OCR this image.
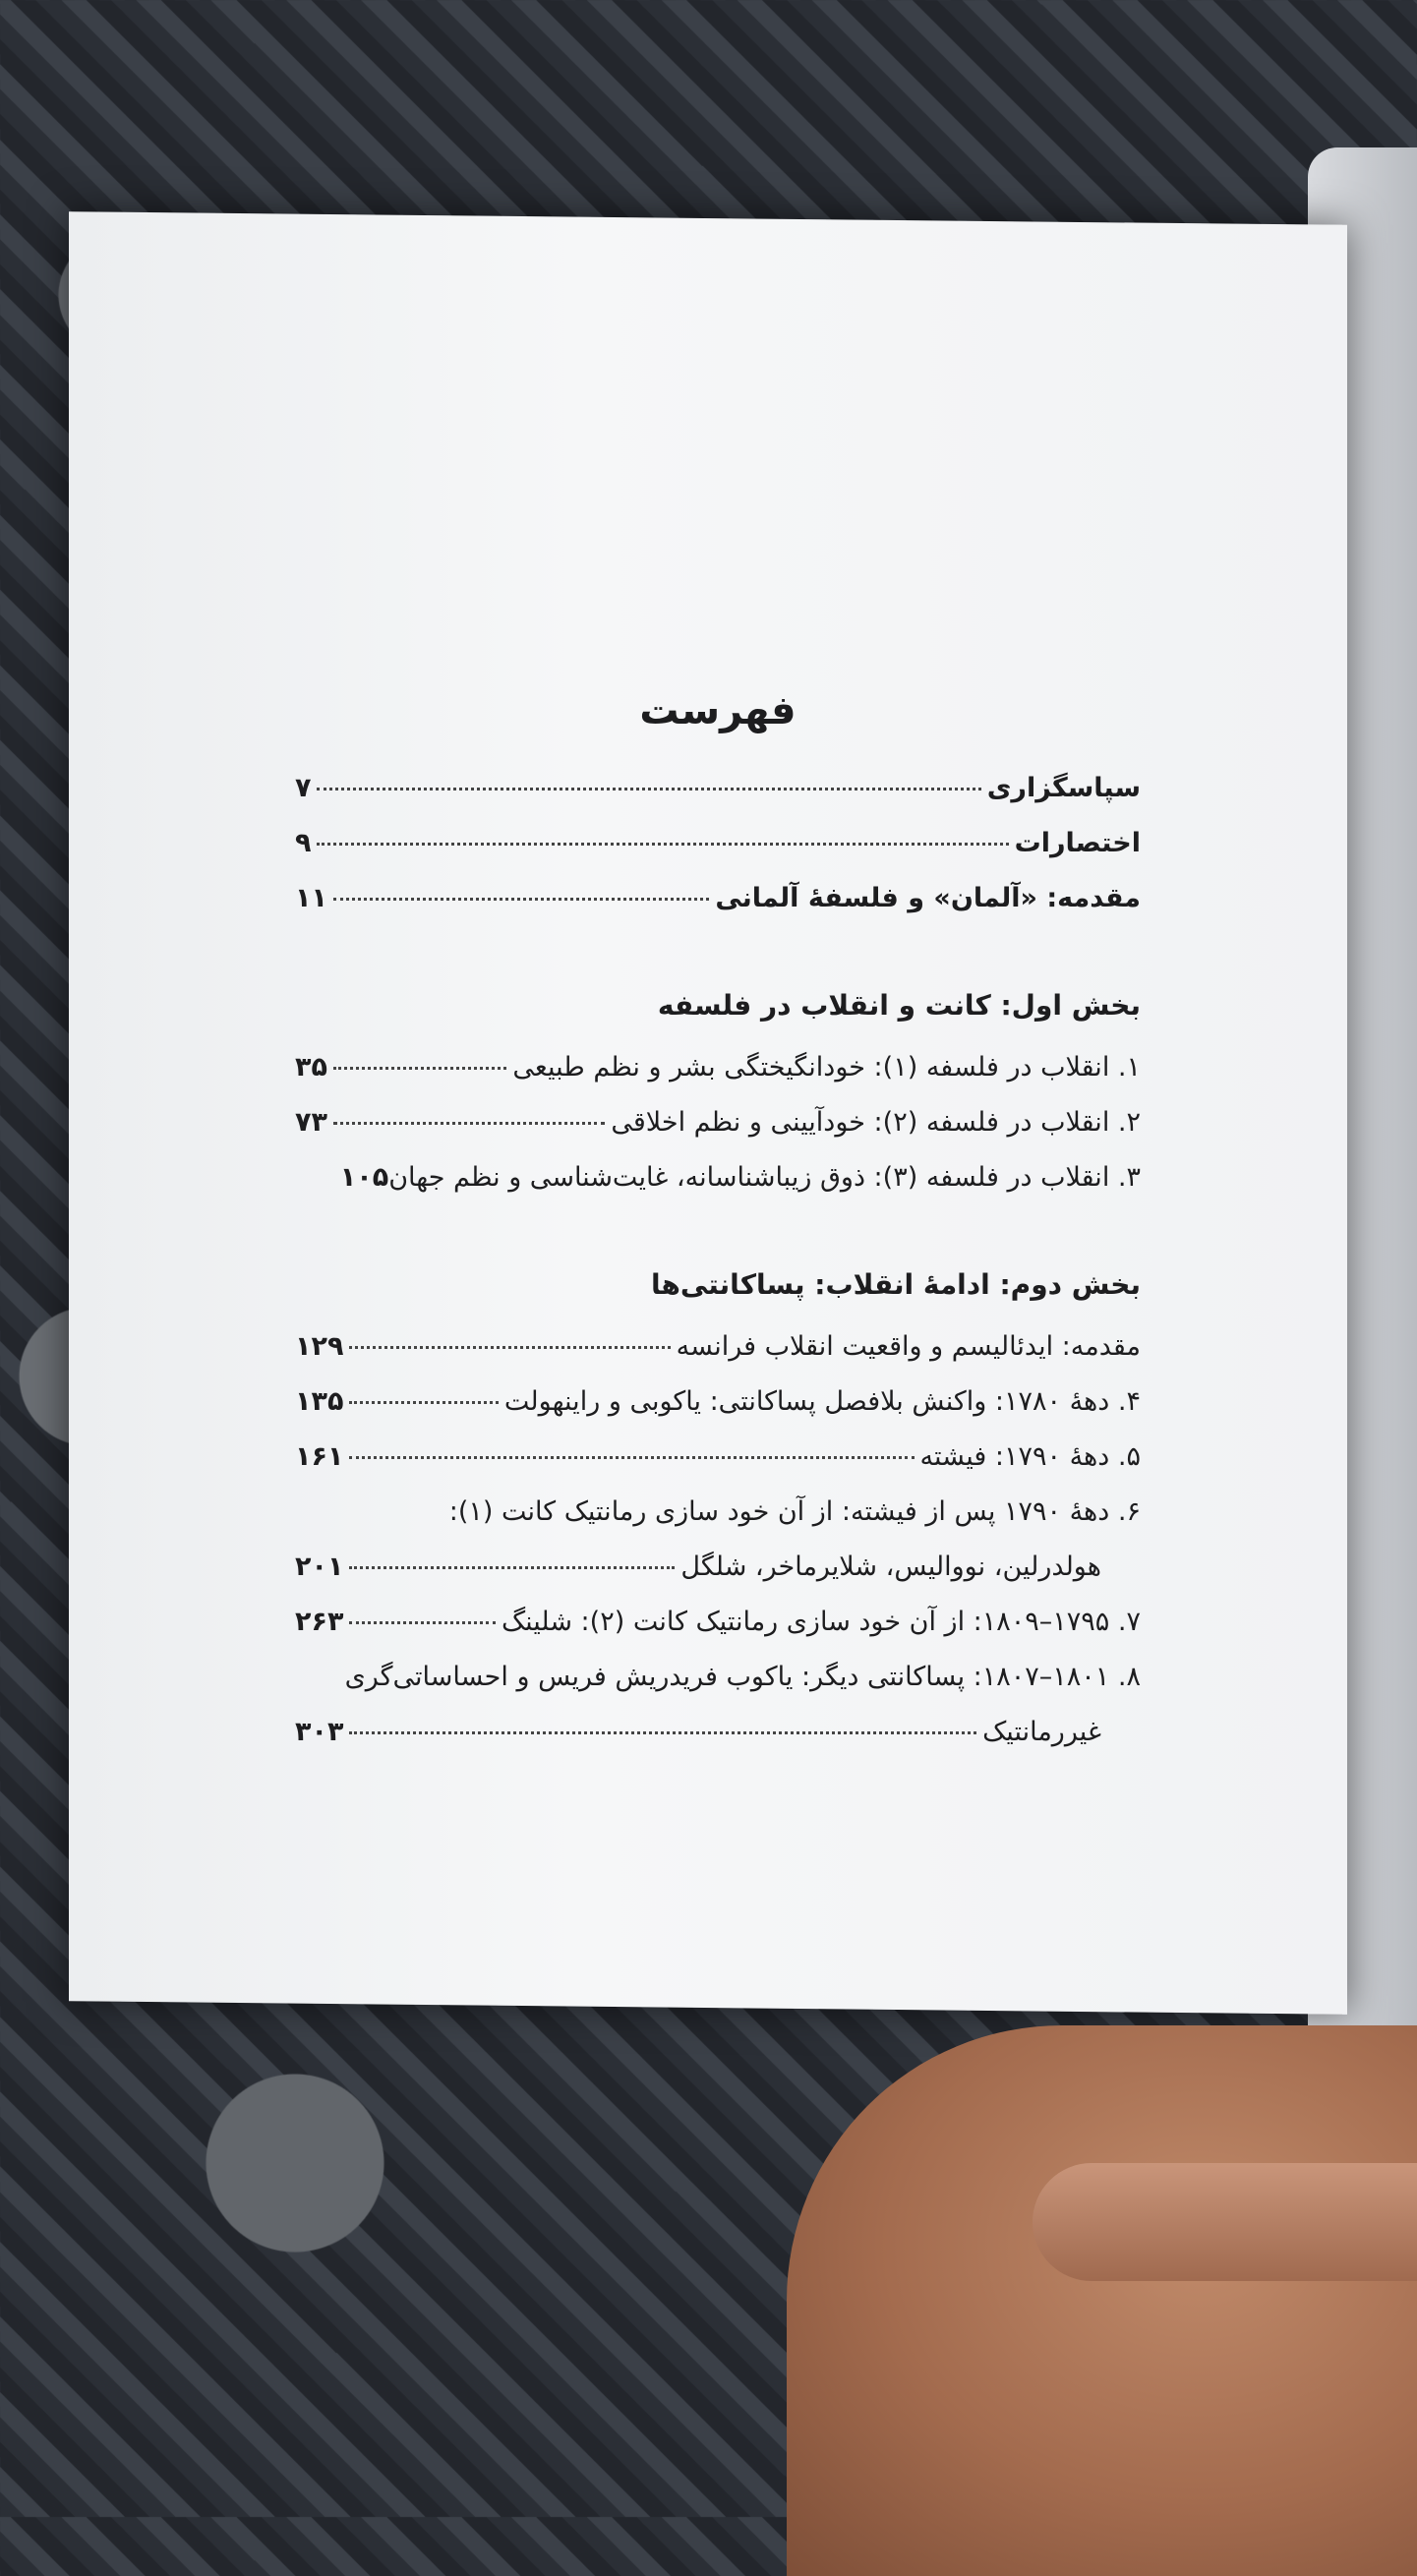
فهرست
سپاسگزاری
۷
اختصارات
۹
مقدمه: «آلمان» و فلسفهٔ آلمانی
۱۱
بخش اول: کانت و انقلاب در فلسفه
۱. انقلاب در فلسفه (۱): خودانگیختگی بشر و نظم طبیعی
۳۵
۲. انقلاب در فلسفه (۲): خودآیینی و نظم اخلاقی
۷۳
۳. انقلاب در فلسفه (۳): ذوق زیباشناسانه، غایت‌شناسی و نظم جهان
۱۰۵
بخش دوم: ادامهٔ انقلاب: پساکانتی‌ها
مقدمه: ایدئالیسم و واقعیت انقلاب فرانسه
۱۲۹
۴. دههٔ ۱۷۸۰: واکنش بلافصل پساکانتی: یاکوبی و راینهولت
۱۳۵
۵. دههٔ ۱۷۹۰: فیشته
۱۶۱
۶. دههٔ ۱۷۹۰ پس از فیشته: از آن خود سازی رمانتیک کانت (۱):
هولدرلین، نووالیس، شلایرماخر، شلگل
۲۰۱
۷. ۱۷۹۵–۱۸۰۹: از آن خود سازی رمانتیک کانت (۲): شلینگ
۲۶۳
۸. ۱۸۰۱–۱۸۰۷: پساکانتی دیگر: یاکوب فریدریش فریس و احساساتی‌گری
غیررمانتیک
۳۰۳
